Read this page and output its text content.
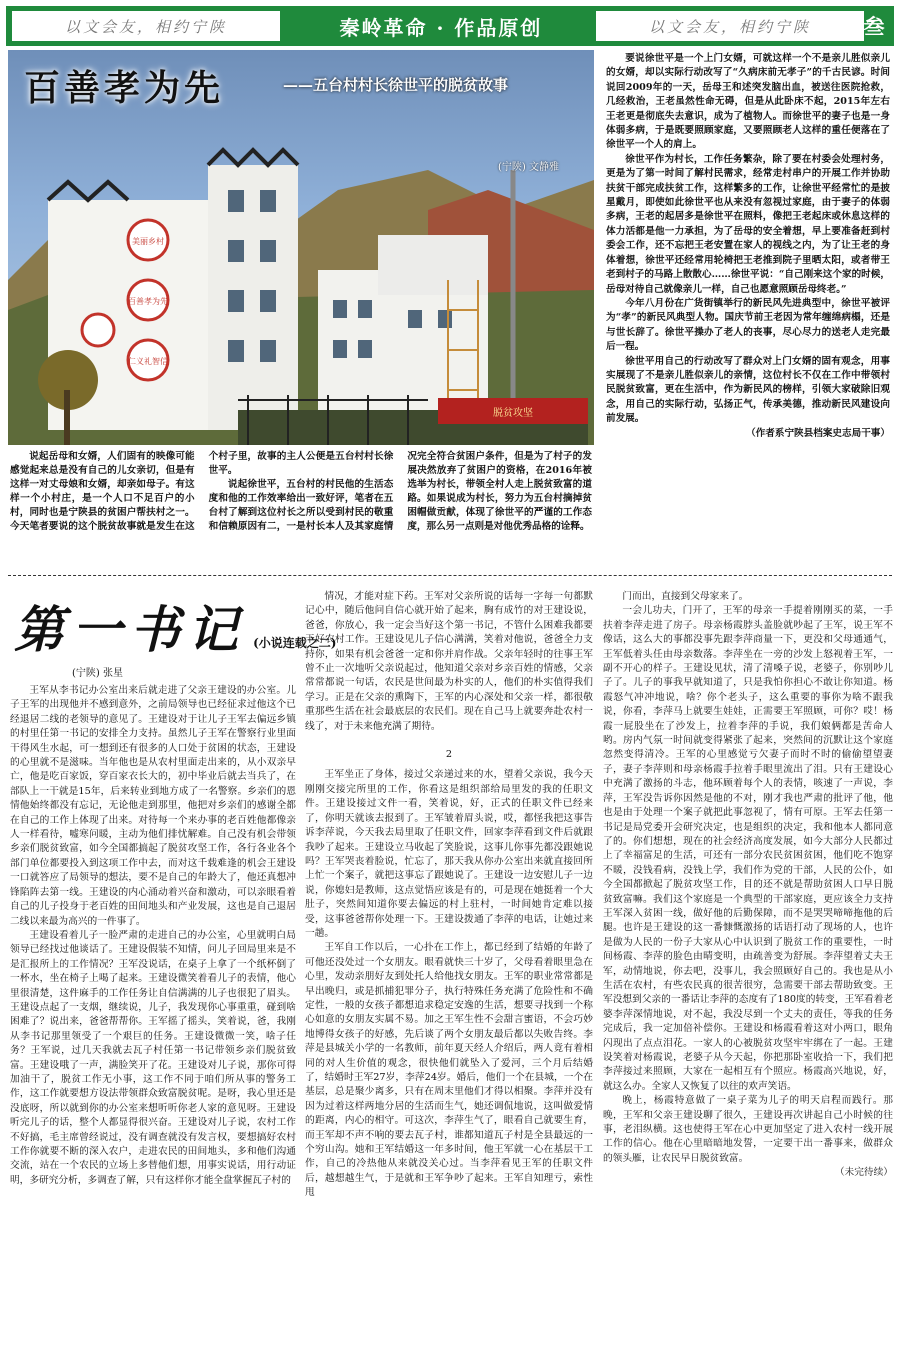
以文会友，相约宁陕	秦岭革命 · 作品原创	以文会友，相约宁陕	叁
美丽乡村
百善孝为先
仁义礼智信
脱贫攻坚
百善孝为先	——五台村村长徐世平的脱贫故事
(宁陕) 文静雅

说起岳母和女婿，人们固有的映像可能感觉起来总是没有自己的儿女亲切，但是有这样一对丈母娘和女婿，却亲如母子。有这样一个小村庄，是一个人口不足百户的小村，同时也是宁陕县的贫困户帮扶村之一。今天笔者要说的这个脱贫故事就是发生在这个村子里，故事的主人公便是五台村村长徐世平。

说起徐世平，五台村的村民他的生活态度和他的工作效率给出一致好评，笔者在五台村了解到这位村长之所以受到村民的敬重和信赖原因有二，一是村长本人及其家庭情况完全符合贫困户条件，但是为了村子的发展决然放弃了贫困户的资格，在2016年被选举为村长，带领全村人走上脱贫致富的道路。如果说成为村长，努力为五台村摘掉贫困帽做贡献，体现了徐世平的严谨的工作态度，那么另一点则是对他优秀品格的诠释。

要说徐世平是一个上门女婿，可就这样一个不是亲儿胜似亲儿的女婿，却以实际行动改写了“久病床前无孝子”的千古民谚。时间说回2009年的一天，岳母王和述突发脑出血，被送往医院抢救，几经救治，王老虽然性命无碍，但是从此卧床不起，2015年左右王老更是彻底失去意识，成为了植物人。而徐世平的妻子也是一身体弱多病，于是既要照顾家庭，又要照顾老人这样的重任便落在了徐世平一个人的肩上。

徐世平作为村长，工作任务繁杂，除了要在村委会处理村务，更是为了第一时间了解村民需求，经常走村串户的开展工作并协助扶贫干部完成扶贫工作，这样繁多的工作，让徐世平经常忙的是披星戴月，即使如此徐世平也从来没有忽视过家庭，由于妻子的体弱多病，王老的起居多是徐世平在照料，像把王老起床或休息这样的体力活都是他一力承担，为了岳母的安全着想，早上要准备赶到村委会工作，还不忘把王老安置在家人的视线之内，为了让王老的身体着想，徐世平还经常用轮椅把王老推到院子里晒太阳，或者带王老到村子的马路上散散心……徐世平说：“自己刚来这个家的时候，岳母对待自己就像亲儿一样，自己也愿意照顾岳母终老。”

今年八月份在广货街镇举行的新民风先进典型中，徐世平被评为“孝”的新民风典型人物。国庆节前王老因为常年缠绵病榻，还是与世长辞了。徐世平操办了老人的丧事，尽心尽力的送老人走完最后一程。

徐世平用自己的行动改写了群众对上门女婿的固有观念，用事实展现了不是亲儿胜似亲儿的亲情，这位村长不仅在工作中带领村民脱贫致富，更在生活中，作为新民风的榜样，引领大家破除旧观念，用自己的实际行动，弘扬正气，传承美德，推动新民风建设向前发展。

（作者系宁陕县档案史志局干事）

第一书记 (小说连载之二)
(宁陕) 张星

王军从李书记办公室出来后就走进了父亲王建设的办公室。儿子王军的出现他并不感到意外，之前局领导也已经征求过他这个已经退居二线的老领导的意见了。王建设对于让儿子王军去偏远乡镇的村里任第一书记的安排全力支持。虽然儿子王军在警察行业里面干得风生水起，可一想到还有很多的人口处于贫困的状态，王建设的心里就不是滋味。当年他也是从农村里面走出来的，从小双亲早亡，他是吃百家饭，穿百家衣长大的，初中毕业后就去当兵了，在部队上一干就是15年，后来转业到地方成了一名警察。乡亲们的恩情他始终都没有忘记，无论他走到那里，他把对乡亲们的感谢全都在自己的工作上体现了出来。对待每一个来办事的老百姓他都像亲人一样看待，嘘寒问暖，主动为他们排忧解难。自己没有机会带领乡亲们脱贫致富，如今全国都搞起了脱贫攻坚工作，各行各业各个部门单位都要投入到这项工作中去，而对这千载难逢的机会王建设一口就答应了局领导的想法，要不是自己的年龄大了，他还真想冲锋陷阵去第一线。王建设的内心涌动着兴奋和激动，可以亲眼看着自己的儿子投身于老百姓的田间地头和产业发展，这也是自己退居二线以来最为高兴的一件事了。

王建设看着儿子一脸严肃的走进自己的办公室，心里就明白局领导已经找过他谈话了。王建设假装不知情，问儿子回局里来是不是汇报所上的工作情况？王军没说话，在桌子上拿了一个纸杯倒了一杯水，坐在椅子上喝了起来。王建设微笑着看儿子的表情，他心里很清楚，这件麻手的工作任务让自信满满的儿子也很犯了眉头。王建设点起了一支烟，继续说，儿子，我发现你心事重重，碰到啥困难了？说出来，爸爸帮帮你。王军摇了摇头，笑着说，爸，我刚从李书记那里领受了一个艰巨的任务。王建设微微一笑，啥子任务？王军说，过几天我就去瓦子村任第一书记带领乡亲们脱贫致富。王建设哦了一声，满脸笑开了花。王建设对儿子说，那你可得加油干了，脱贫工作无小事，这工作不同于咱们所从事的警务工作，这工作就要想方设法带领群众致富脱贫呢。是呀，我心里还是没底呀，所以就到你的办公室来想听听你老人家的意见呀。王建设听完儿子的话，整个人都显得很兴奋。王建设对儿子说，农村工作不好搞，毛主席曾经说过，没有调查就没有发言权，要想搞好农村工作你就要不断的深入农户，走进农民的田间地头，多和他们沟通交流，站在一个农民的立场上多替他们想，用事实说话，用行动证明，多研究分析，多调查了解，只有这样你才能全盘掌握瓦子村的

情况，才能对症下药。王军对父亲所说的话每一字每一句都默记心中，随后他问自信心就开始了起来，胸有成竹的对王建设说，爸爸，你放心，我一定会当好这个第一书记，不管什么困难我都要干好农村工作。王建设见儿子信心满满，笑着对他说，爸爸全力支持你，如果有机会爸爸一定和你并肩作战。父亲年轻时的往事王军曾不止一次地听父亲说起过，他知道父亲对乡亲百姓的情感，父亲常常都说一句话，农民是世间最为朴实的人，他们的朴实值得我们学习。正是在父亲的熏陶下，王军的内心深处和父亲一样，都很敬重那些生活在社会最底层的农民们。现在自己马上就要奔赴农村一线了，对于未来他充满了期待。

2

王军坐正了身体，接过父亲递过来的水，望着父亲说，我今天刚刚交接完所里的工作，你看这是组织部给局里发的我的任职文件。王建设接过文件一看，笑着说，好，正式的任职文件已经来了，你明天就该去报到了。王军皱着眉头说，哎，都怪我把这事告诉李萍说，今天我去局里取了任职文件，回家李萍看到文件后就跟我吵了起来。王建设立马收起了笑脸说，这事儿你事先都没跟她说吗？王军哭丧着脸说，忙忘了，那天我从你办公室出来就直接回所上忙一个案子，就把这事忘了跟她说了。王建设一边安慰儿子一边说，你媳妇是教师，这点觉悟应该是有的，可是现在她挺着一个大肚子，突然间知道你要去偏远的村上驻村，一时间她肯定难以接受，这事爸爸帮你处理一下。王建设拨通了李萍的电话，让她过来一趟。

王军自工作以后，一心扑在工作上，都已经到了结婚的年龄了可他还没处过一个女朋友。眼看就快三十岁了，父母看着眼里急在心里，发动亲朋好友到处托人给他找女朋友。王军的职业常常都是早出晚归，或是抓捕犯罪分子，执行特殊任务充满了危险性和不确定性，一般的女孩子都想追求稳定安逸的生活，想要寻找到一个称心如意的女朋友实属不易。加之王军生性不会甜言蜜语，不会巧妙地博得女孩子的好感，先后谈了两个女朋友最后都以失败告终。李萍是县城关小学的一名教师，前年夏天经人介绍后，两人竟有着相同的对人生价值的观念，很快他们就坠入了爱河，三个月后结婚了，结婚时王军27岁，李萍24岁。婚后，他们一个在县城，一个在基层，总是聚少离多，只有在周末里他们才得以相聚。李萍并没有因为过着这样两地分居的生活而生气，她还调侃地说，这叫做爱情的距离，内心的相守。可这次，李萍生气了，眼看自己就要生育，而王军却不声不响的要去瓦子村，谁都知道瓦子村是全县最远的一个穷山沟。她和王军结婚这一年多时间，他王军就一心在基层干工作，自己的冷热他从来就没关心过。当李萍看见王军的任职文件后，越想越生气，于是就和王军争吵了起来。王军自知理亏，索性甩

门而出，直接到父母家来了。

一会儿功夫，门开了，王军的母亲一手提着刚刚买的菜，一手扶着李萍走进了房子。母亲杨霞脖头盖脸就吵起了王军，说王军不像话，这么大的事都没事先跟李萍商量一下，更没和父母通通气，王军低着头任由母亲数落。李萍坐在一旁的沙发上怒视着王军，一副不开心的样子。王建设见状，清了清嗓子说，老婆子，你别吵儿子了。儿子的事我早就知道了，只是我怕你担心不敢让你知道。杨霞怒气冲冲地说，啥？你个老头子，这么重要的事你为啥不跟我说，你看，李萍马上就要生娃娃，正需要王军照顾，可你？哎！杨霞一屁股坐在了沙发上，拉着李萍的手说，我们娘俩都是苦命人哟。房内气氛一时间就变得紧张了起来，突然间的沉默让这个家庭忽然变得清冷。王军的心里感觉亏欠妻子而时不时的偷偷望望妻子，妻子李萍则和母亲杨霞手拉着手眼里流出了泪。只有王建设心中充满了激扬的斗志，他环顾着每个人的表情，咳速了一声说，李萍，王军没告诉你因然是他的不对，刚才我也严肃的批评了他，他也是由于处理一个案子就把此事忽视了，情有可原。王军去任第一书记是局党委开会研究决定，也是组织的决定，我和他本人都同意了的。你们想想，现在的社会经济高度发展，如今大部分人民都过上了幸福富足的生活，可还有一部分农民贫困贫困，他们吃不饱穿不暖，没钱看病，没钱上学，我们作为党的干部，人民的公仆，如今全国都掀起了脱贫攻坚工作，目的还不就是帮助贫困人口早日脱贫致富嘛。我们这个家庭是一个典型的干部家庭，更应该全力支持王军深入贫困一线，做好他的后勤保障，而不是哭哭啼啼拖他的后腿。也许是王建设的这一番慷慨激扬的话语打动了现场的人，也许是做为人民的一份子大家从心中认识到了脱贫工作的重要性，一时间杨霞、李萍的脸色由晴变明，由疏善变为舒展。李萍望着丈夫王军，动情地说，你去吧，没事儿，我会照顾好自己的。我也是从小生活在农村，有些农民真的很苦很穷，急需要干部去帮助致变。王军没想到父亲的一番话让李萍的态度有了180度的转变，王军看着老婆李萍深情地说，对不起，我没尽到一个丈夫的责任，等我的任务完成后，我一定加倍补偿你。王建设和杨霞看着这对小两口，眼角闪现出了点点泪花。一家人的心被脱贫攻坚牢牢绑在了一起。王建设笑着对杨霞说，老婆子从今天起，你把那卧室收拾一下，我们把李萍接过来照顾，大家在一起相互有个照应。杨霞高兴地说，好，就这么办。全家人又恢复了以往的欢声笑语。

晚上，杨霞特意做了一桌子菜为儿子的明天启程而践行。那晚，王军和父亲王建设聊了很久，王建设再次讲起自己小时候的往事，老泪纵横。这也使得王军在心中更加坚定了进入农村一线开展工作的信心。他在心里暗暗地发誓，一定要干出一番事来，做群众的领头雁，让农民早日脱贫致富。

（未完待续）
